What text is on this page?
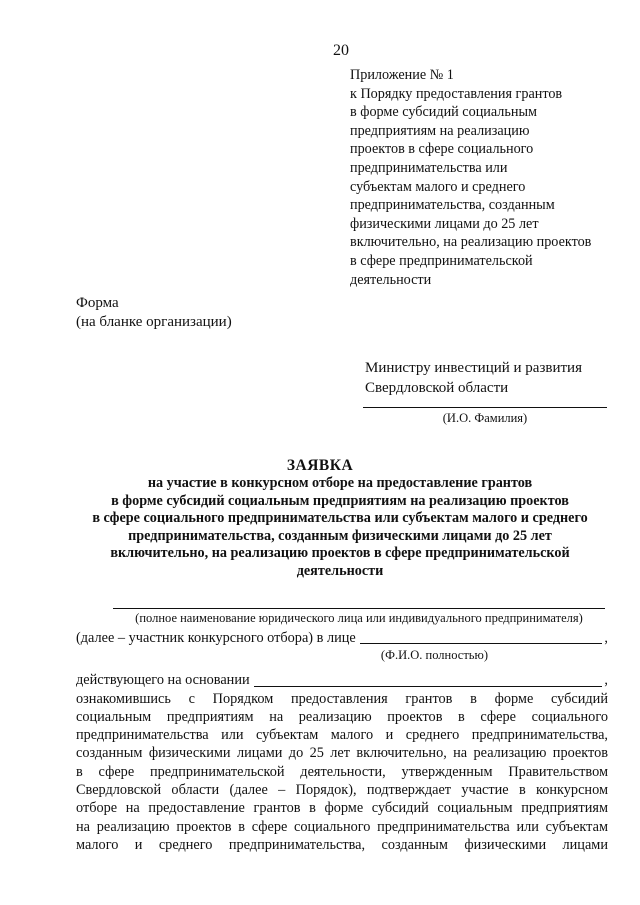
20
Приложение № 1
к Порядку предоставления грантов
в форме субсидий социальным
предприятиям на реализацию
проектов в сфере социального
предпринимательства или
субъектам малого и среднего
предпринимательства, созданным
физическими лицами до 25 лет
включительно, на реализацию проектов
в сфере предпринимательской
деятельности
Форма
(на бланке организации)
Министру инвестиций и развития
Свердловской области
(И.О. Фамилия)
ЗАЯВКА
на участие в конкурсном отборе на предоставление грантов
в форме субсидий социальным предприятиям на реализацию проектов
в сфере социального предпринимательства или субъектам малого и среднего
предпринимательства, созданным физическими лицами до 25 лет
включительно, на реализацию проектов в сфере предпринимательской
деятельности
(полное наименование юридического лица или индивидуального предпринимателя)
(далее – участник конкурсного отбора) в лице	,
(Ф.И.О. полностью)
действующего на основании	,
ознакомившись с Порядком предоставления грантов в форме субсидий
социальным предприятиям на реализацию проектов в сфере социального
предпринимательства или субъектам малого и среднего предпринимательства,
созданным физическими лицами до 25 лет включительно, на реализацию проектов
в сфере предпринимательской деятельности, утвержденным Правительством
Свердловской области (далее – Порядок), подтверждает участие в конкурсном
отборе на предоставление грантов в форме субсидий социальным предприятиям
на реализацию проектов в сфере социального предпринимательства или субъектам
малого и среднего предпринимательства, созданным физическими лицами
